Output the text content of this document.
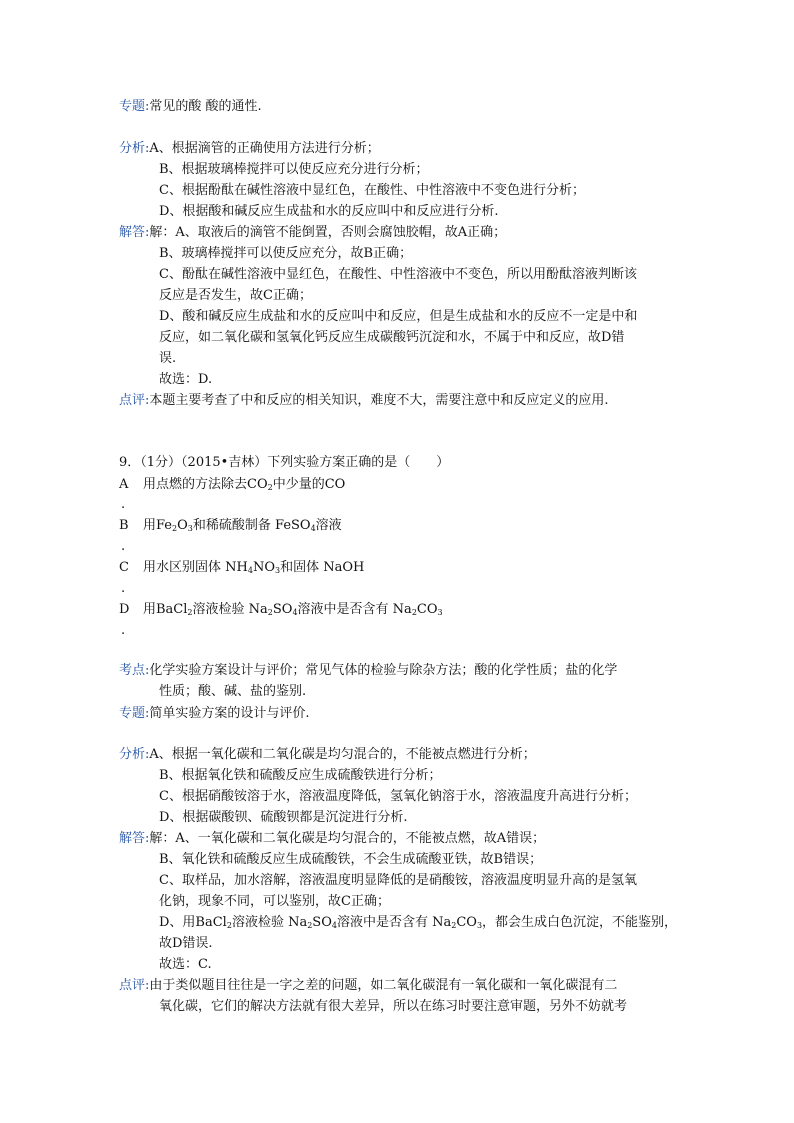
专题:常见的酸 酸的通性.
分析:A、根据滴管的正确使用方法进行分析；
B、根据玻璃棒搅拌可以使反应充分进行分析；
C、根据酚酞在碱性溶液中显红色，在酸性、中性溶液中不变色进行分析；
D、根据酸和碱反应生成盐和水的反应叫中和反应进行分析.
解答:解：A、取液后的滴管不能倒置，否则会腐蚀胶帽，故A正确；
B、玻璃棒搅拌可以使反应充分，故B正确；
C、酚酞在碱性溶液中显红色，在酸性、中性溶液中不变色，所以用酚酞溶液判断该
反应是否发生，故C正确；
D、酸和碱反应生成盐和水的反应叫中和反应，但是生成盐和水的反应不一定是中和
反应，如二氧化碳和氢氧化钙反应生成碳酸钙沉淀和水，不属于中和反应，故D错
误.
故选：D.
点评:本题主要考查了中和反应的相关知识，难度不大，需要注意中和反应定义的应用.
9．（1分）（2015•吉林）下列实验方案正确的是（　　）
A 用点燃的方法除去$CO_2$中少量的CO
.
B 用$Fe_2O_3$和稀硫酸制备 FeSO$_4$溶液
.
C 用水区别固体 $NH_4NO_3$和固体 NaOH
.
D 用BaCl$_2$溶液检验 $Na_2SO_4$溶液中是否含有 $Na_2CO_3$
.
考点:化学实验方案设计与评价；常见气体的检验与除杂方法；酸的化学性质；盐的化学
性质；酸、碱、盐的鉴别.
专题:简单实验方案的设计与评价.
分析:A、根据一氧化碳和二氧化碳是均匀混合的，不能被点燃进行分析；
B、根据氧化铁和硫酸反应生成硫酸铁进行分析；
C、根据硝酸铵溶于水，溶液温度降低，氢氧化钠溶于水，溶液温度升高进行分析；
D、根据碳酸钡、硫酸钡都是沉淀进行分析.
解答:解：A、一氧化碳和二氧化碳是均匀混合的，不能被点燃，故A错误；
B、氧化铁和硫酸反应生成硫酸铁，不会生成硫酸亚铁，故B错误；
C、取样品，加水溶解，溶液温度明显降低的是硝酸铵，溶液温度明显升高的是氢氧
化钠，现象不同，可以鉴别，故C正确；
D、用BaCl$_2$溶液检验 $Na_2SO_4$溶液中是否含有 $Na_2CO_3$，都会生成白色沉淀，不能鉴别，
故D错误.
故选：C.
点评:由于类似题目往往是一字之差的问题，如二氧化碳混有一氧化碳和一氧化碳混有二
氧化碳，它们的解决方法就有很大差异，所以在练习时要注意审题，另外不妨就考
